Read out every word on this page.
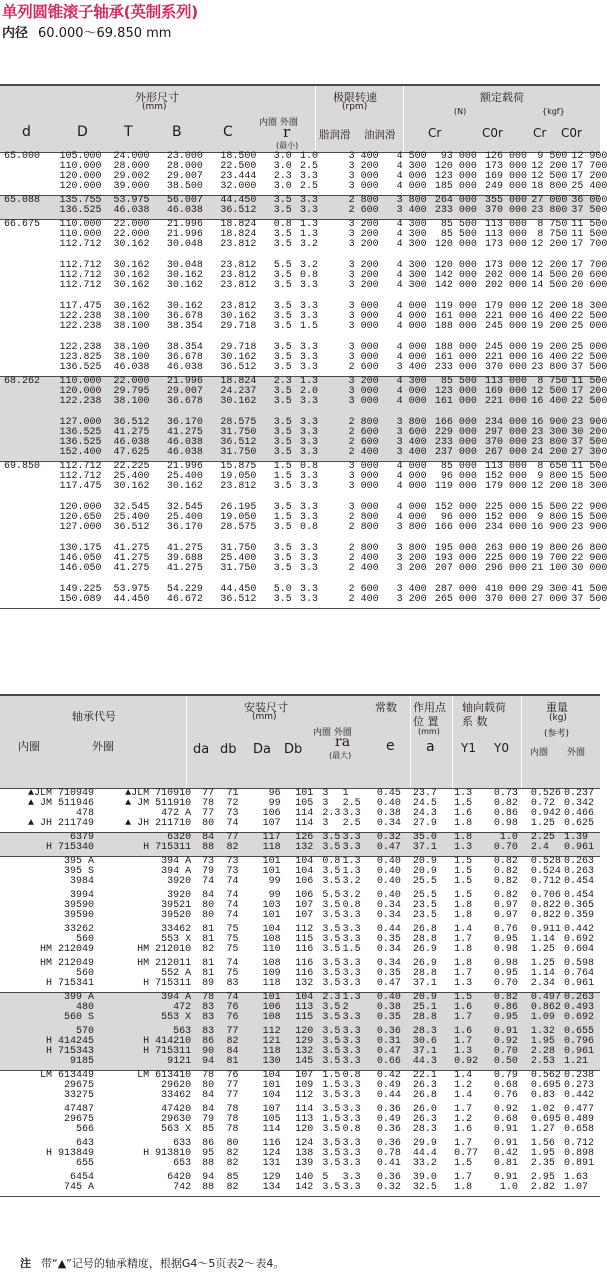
单列圆锥滚子轴承(英制系列)
内径 60.000～69.850 mm
外形尺寸
(mm)
极限转速
(rpm)
额定载荷
(N)	{kgf}
d	D	T	B	C
内圈 外圈
r
(最小)
脂润滑 油润滑	Cr	C0r	Cr C0r
65.000	105.000	24.000	23.000	18.500	3.0	1.0	3 400	4 500	93 000	126 000	9 500	12 900
	110.000	28.000	28.000	22.500	3.0	2.5	3 200	4 300	120 000	173 000	12 200	17 700
	120.000	29.002	29.007	23.444	2.3	3.3	3 000	4 000	123 000	169 000	12 500	17 200
	120.000	39.000	38.500	32.000	3.0	2.5	3 000	4 000	185 000	249 000	18 800	25 400

65.088	135.755	53.975	56.007	44.450	3.5	3.3	2 800	3 800	264 000	355 000	27 000	36 000
	136.525	46.038	46.038	36.512	3.5	3.3	2 600	3 400	233 000	370 000	23 800	37 500

66.675	110.000	22.000	21.996	18.824	0.8	1.3	3 200	4 300	85 500	113 000	8 750	11 500
	110.000	22.000	21.996	18.824	3.5	1.3	3 200	4 300	85 500	113 000	8 750	11 500
	112.712	30.162	30.048	23.812	3.5	3.2	3 200	4 300	120 000	173 000	12 200	17 700

	112.712	30.162	30.048	23.812	5.5	3.2	3 200	4 300	120 000	173 000	12 200	17 700
	112.712	30.162	30.162	23.812	3.5	0.8	3 200	4 300	142 000	202 000	14 500	20 600
	112.712	30.162	30.162	23.812	3.5	3.3	3 200	4 300	142 000	202 000	14 500	20 600

	117.475	30.162	30.162	23.812	3.5	3.3	3 000	4 000	119 000	179 000	12 200	18 300
	122.238	38.100	36.678	30.162	3.5	3.3	3 000	4 000	161 000	221 000	16 400	22 500
	122.238	38.100	38.354	29.718	3.5	1.5	3 000	4 000	188 000	245 000	19 200	25 000

	122.238	38.100	38.354	29.718	3.5	3.3	3 000	4 000	188 000	245 000	19 200	25 000
	123.825	38.100	36.678	30.162	3.5	3.3	3 000	4 000	161 000	221 000	16 400	22 500
	136.525	46.038	46.038	36.512	3.5	3.3	2 600	3 400	233 000	370 000	23 800	37 500

68.262	110.000	22.000	21.996	18.824	2.3	1.3	3 200	4 300	85 500	113 000	8 750	11 500
	120.000	29.795	29.007	24.237	3.5	2.0	3 000	4 000	123 000	169 000	12 500	17 200
	122.238	38.100	36.678	30.162	3.5	3.3	3 000	4 000	161 000	221 000	16 400	22 500

	127.000	36.512	36.170	28.575	3.5	3.3	2 800	3 800	166 000	234 000	16 900	23 900
	136.525	41.275	41.275	31.750	3.5	3.3	2 600	3 600	229 000	297 000	23 300	30 200
	136.525	46.038	46.038	36.512	3.5	3.3	2 600	3 400	233 000	370 000	23 800	37 500
	152.400	47.625	46.038	31.750	3.5	3.3	2 400	3 400	237 000	267 000	24 200	27 300

69.850	112.712	22.225	21.996	15.875	1.5	0.8	3 000	4 000	85 000	113 000	8 650	11 500
	112.712	25.400	25.400	19.050	1.5	3.3	3 000	4 000	96 000	152 000	9 800	15 500
	117.475	30.162	30.162	23.812	3.5	3.3	3 000	4 000	119 000	179 000	12 200	18 300

	120.000	32.545	32.545	26.195	3.5	3.3	3 000	4 000	152 000	225 000	15 500	22 900
	120.650	25.400	25.400	19.050	1.5	3.3	2 800	4 000	96 000	152 000	9 800	15 500
	127.000	36.512	36.170	28.575	3.5	0.8	2 800	3 800	166 000	234 000	16 900	23 900

	130.175	41.275	41.275	31.750	3.5	3.3	2 800	3 800	195 000	263 000	19 800	26 800
	146.050	41.275	39.688	25.400	3.5	3.3	2 400	3 200	193 000	225 000	19 700	22 900
	146.050	41.275	41.275	31.750	3.5	3.3	2 400	3 200	207 000	296 000	21 100	30 000

	149.225	53.975	54.229	44.450	5.0	3.3	2 600	3 400	287 000	410 000	29 300	41 500
	150.089	44.450	46.672	36.512	3.5	3.3	2 400	3 200	265 000	370 000	27 000	37 500

轴承代号
内圈	外圈
安装尺寸
(mm)
常数
内圈 外圈
ra
(最大)
e
da db Da Db
作用点
位 置
(mm)
a
轴向载荷
系 数
Y1 Y0
重量
(kg)
(参考)
内圈 外圈
▲JLM 710949	▲JLM 710910	77	71	96	101	3	1	0.45	23.7	1.3	0.73	0.526	0.237
▲ JM 511946	▲ JM 511910	78	72	99	105	3	2.5	0.40	24.5	1.5	0.82	0.72	0.342
478	472 A	77	73	106	114	2.3	3.3	0.38	24.3	1.6	0.86	0.942	0.466
▲ JH 211749	▲ JH 211710	80	74	107	114	3	2.5	0.34	27.9	1.8	0.98	1.25	0.625

6379	6320	84	77	117	126	3.5	3.3	0.32	35.0	1.8	1.0	2.25	1.39
H 715340	H 715311	88	82	118	132	3.5	3.3	0.47	37.1	1.3	0.70	2.4	0.961

395 A	394 A	73	73	101	104	0.8	1.3	0.40	20.9	1.5	0.82	0.528	0.263
395 S	394 A	79	73	101	104	3.5	1.3	0.40	20.9	1.5	0.82	0.524	0.263
3984	3920	74	74	99	106	3.5	3.2	0.40	25.5	1.5	0.82	0.712	0.454

3994	3920	84	74	99	106	5.5	3.2	0.40	25.5	1.5	0.82	0.706	0.454
39590	39521	80	74	103	107	3.5	0.8	0.34	23.5	1.8	0.97	0.822	0.365
39590	39520	80	74	101	107	3.5	3.3	0.34	23.5	1.8	0.97	0.822	0.359

33262	33462	81	75	104	112	3.5	3.3	0.44	26.8	1.4	0.76	0.911	0.442
560	553 X	81	75	108	115	3.5	3.3	0.35	28.8	1.7	0.95	1.14	0.692
HM 212049	HM 212010	82	75	110	116	3.5	1.5	0.34	26.9	1.8	0.98	1.25	0.604

HM 212049	HM 212011	81	74	108	116	3.5	3.3	0.34	26.9	1.8	0.98	1.25	0.598
560	552 A	81	75	109	116	3.5	3.3	0.35	28.8	1.7	0.95	1.14	0.764
H 715341	H 715311	89	83	118	132	3.5	3.3	0.47	37.1	1.3	0.70	2.34	0.961

399 A	394 A	78	74	101	104	2.3	1.3	0.40	20.9	1.5	0.82	0.497	0.263
480	472	83	76	106	113	3.5	2	0.38	25.1	1.6	0.86	0.862	0.493
560 S	553 X	83	76	108	115	3.5	3.3	0.35	28.8	1.7	0.95	1.09	0.692

570	563	83	77	112	120	3.5	3.3	0.36	28.3	1.6	0.91	1.32	0.655
H 414245	H 414210	86	82	121	129	3.5	3.3	0.31	30.6	1.7	0.92	1.95	0.796
H 715343	H 715311	90	84	118	132	3.5	3.3	0.47	37.1	1.3	0.70	2.28	0.961
9185	9121	94	81	130	145	3.5	3.3	0.66	44.3	0.92	0.50	2.53	1.21

LM 613449	LM 613410	78	76	104	107	1.5	0.8	0.42	22.1	1.4	0.79	0.562	0.238
29675	29620	80	77	101	109	1.5	3.3	0.49	26.3	1.2	0.68	0.695	0.273
33275	33462	84	77	104	112	3.5	3.3	0.44	26.8	1.4	0.76	0.83	0.442

47487	47420	84	78	107	114	3.5	3.3	0.36	26.0	1.7	0.92	1.02	0.477
29675	29630	79	78	105	113	1.5	3.3	0.49	26.3	1.2	0.68	0.695	0.489
566	563 X	85	78	114	120	3.5	0.8	0.36	28.3	1.6	0.91	1.27	0.658

643	633	86	80	116	124	3.5	3.3	0.36	29.9	1.7	0.91	1.56	0.712
H 913849	H 913810	95	82	124	138	3.5	3.3	0.78	44.4	0.77	0.42	1.95	0.898
655	653	88	82	131	139	3.5	3.3	0.41	33.2	1.5	0.81	2.35	0.891

6454	6420	94	85	129	140	5	3.3	0.36	39.0	1.7	0.91	2.95	1.63
745 A	742	88	82	134	142	3.5	3.3	0.32	32.5	1.8	1.0	2.82	1.07

注 带“▲”记号的轴承精度，根据G4～5页表2～表4。
